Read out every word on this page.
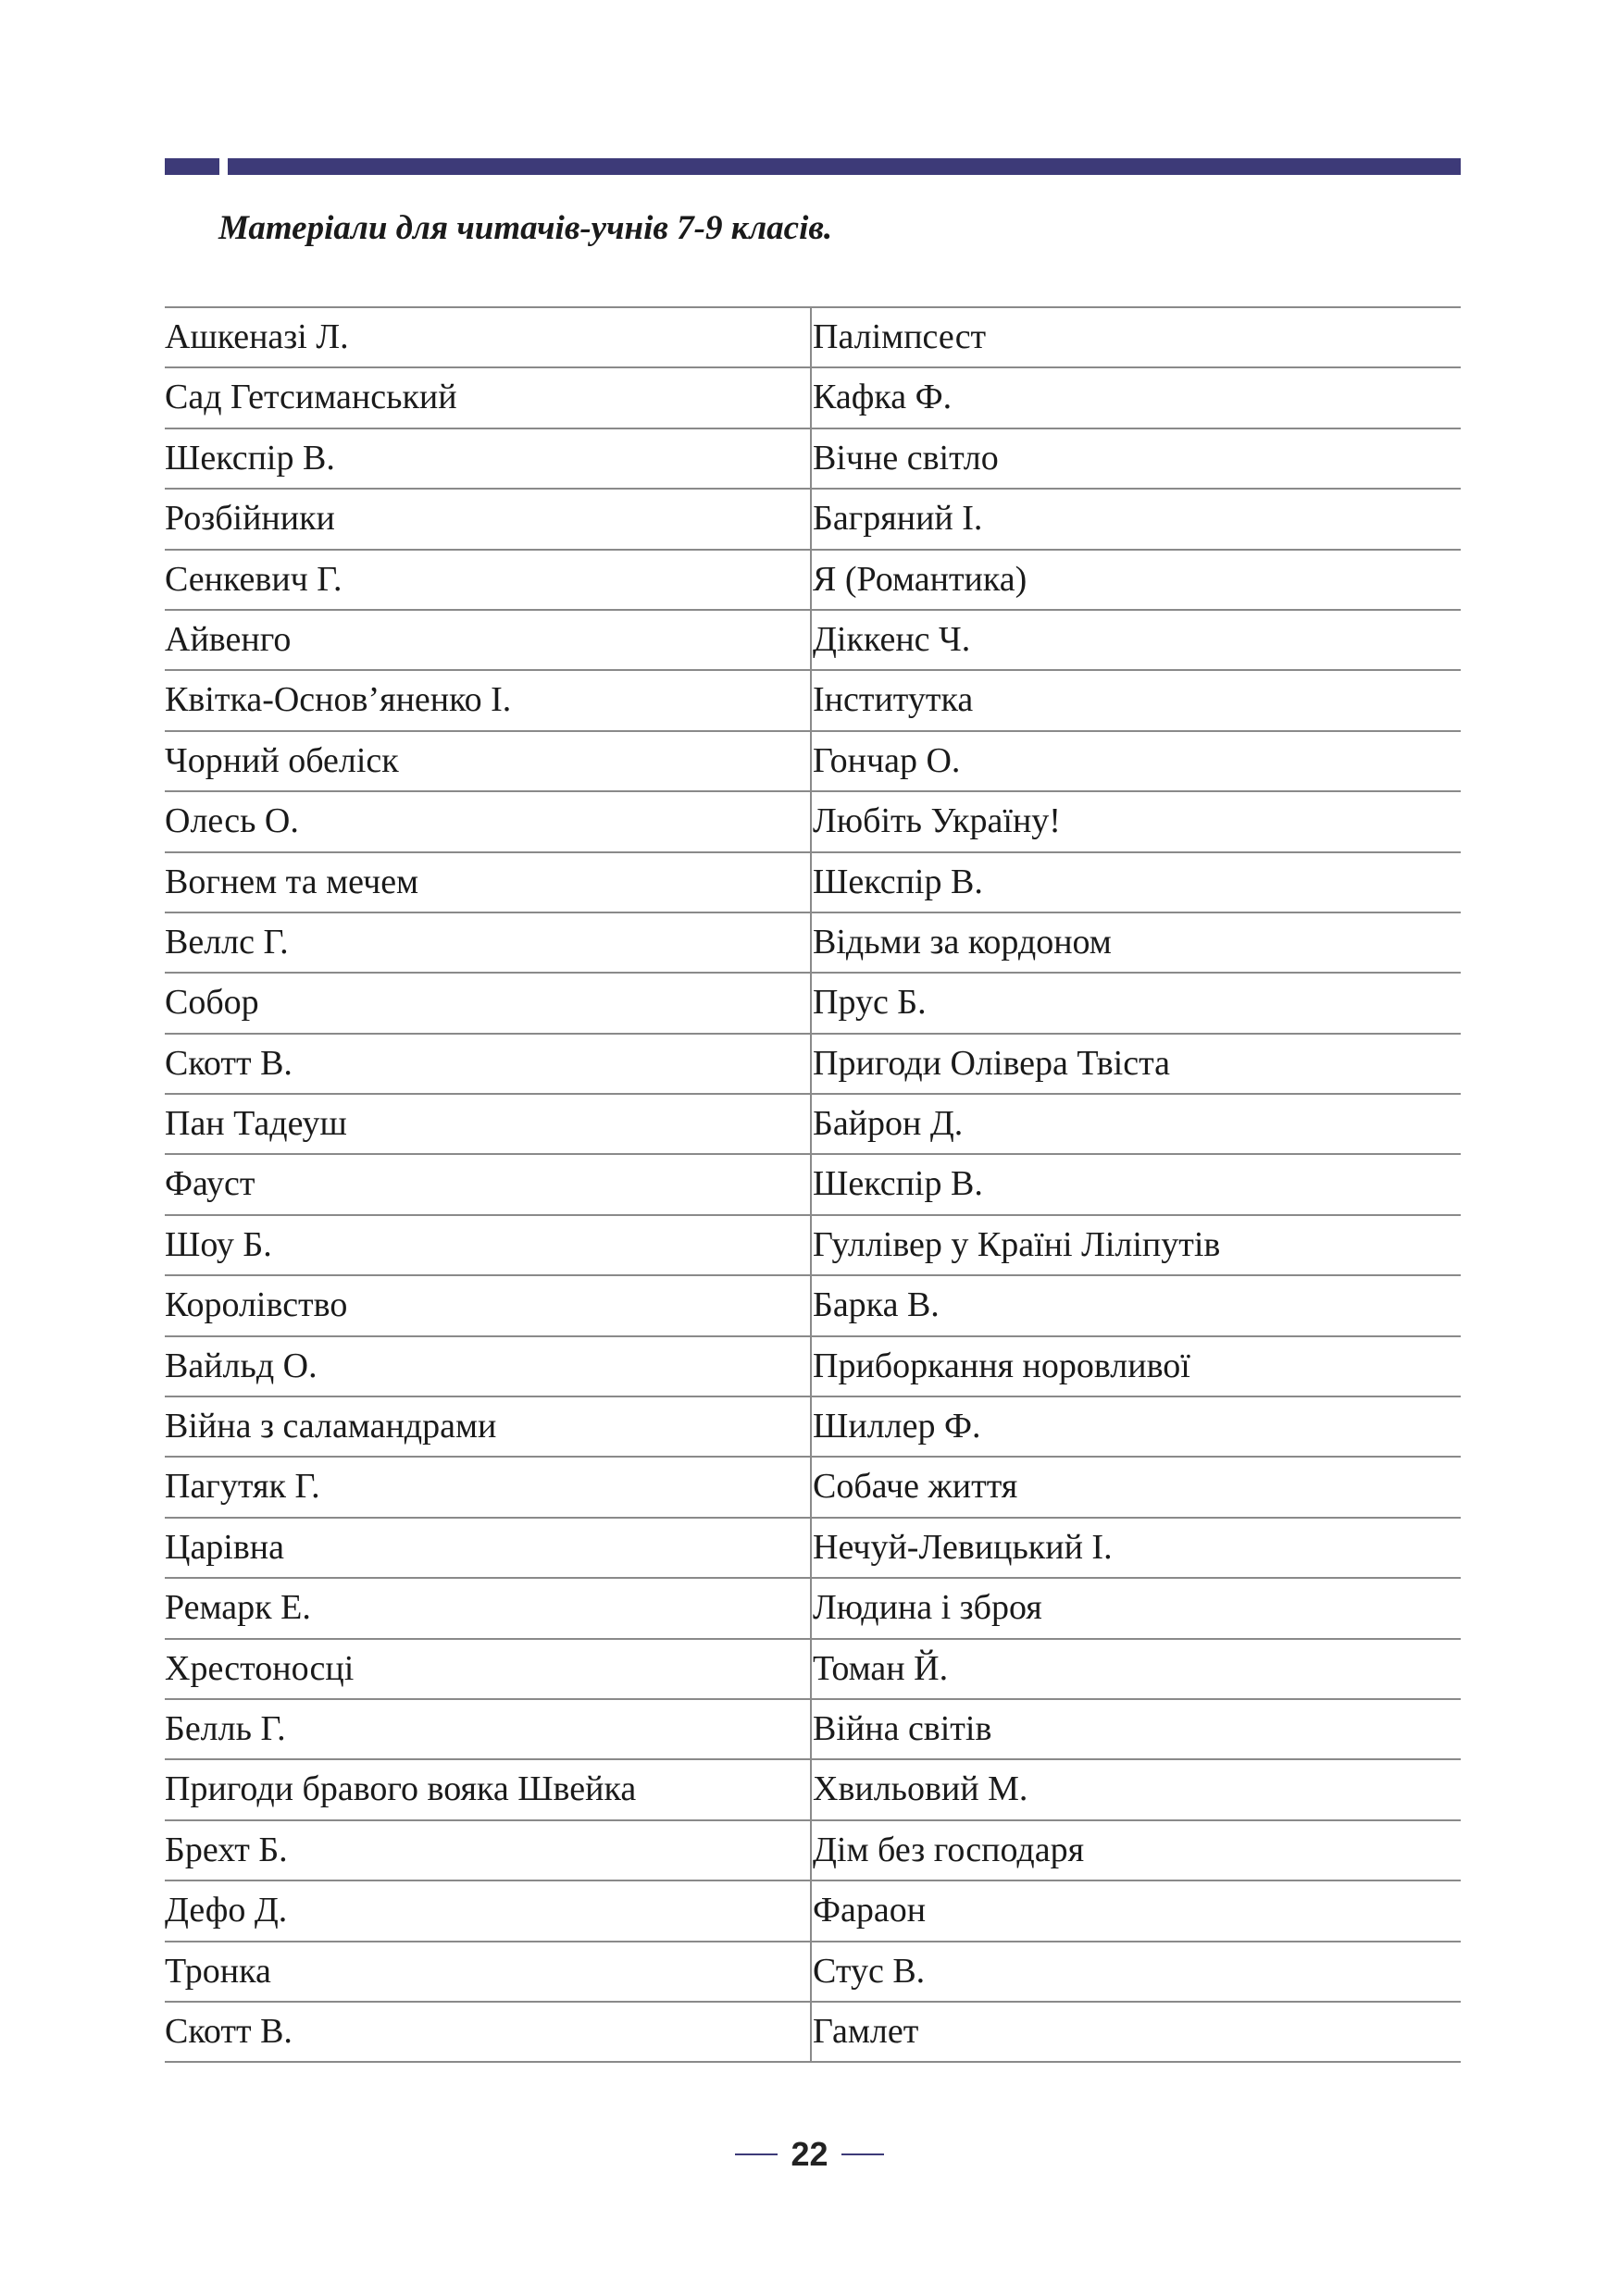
Матеріали для читачів-учнів 7-9 класів.
Ашкеназі Л.	Палімпсест
Сад Гетсиманський	Кафка Ф.
Шекспір В.	Вічне світло
Розбійники	Багряний І.
Сенкевич Г.	Я (Романтика)
Айвенго	Діккенс Ч.
Квітка-Основ’яненко І.	Інститутка
Чорний обеліск	Гончар О.
Олесь О.	Любіть Україну!
Вогнем та мечем	Шекспір В.
Веллс Г.	Відьми за кордоном
Собор	Прус Б.
Скотт В.	Пригоди Олівера Твіста
Пан Тадеуш	Байрон Д.
Фауст	Шекспір В.
Шоу Б.	Гуллівер у Країні Ліліпутів
Королівство	Барка В.
Вайльд О.	Приборкання норовливої
Війна з саламандрами	Шиллер Ф.
Пагутяк Г.	Собаче життя
Царівна	Нечуй-Левицький І.
Ремарк Е.	Людина і зброя
Хрестоносці	Томан Й.
Белль Г.	Війна світів
Пригоди бравого вояка Швейка	Хвильовий М.
Брехт Б.	Дім без господаря
Дефо Д.	Фараон
Тронка	Стус В.
Скотт В.	Гамлет
22
